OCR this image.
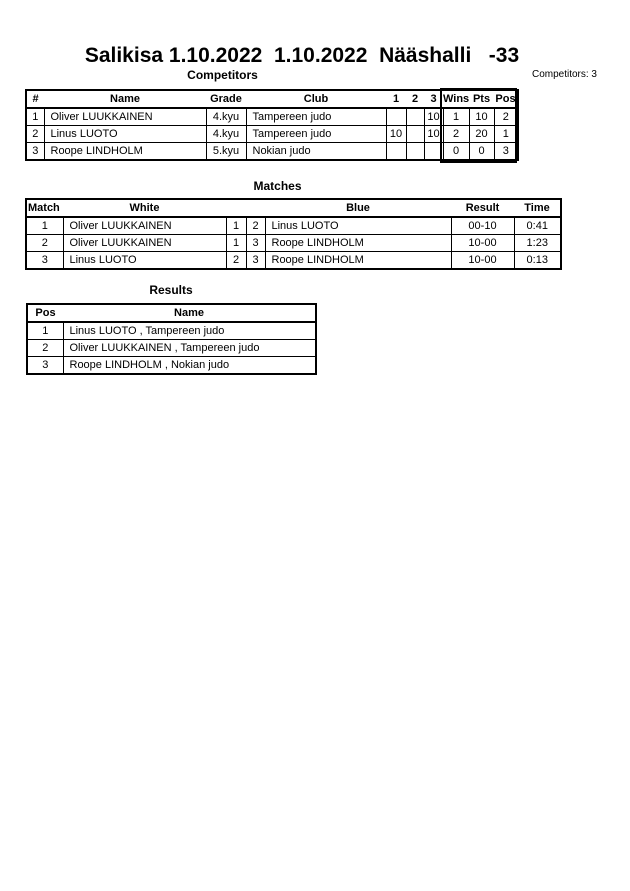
Salikisa 1.10.2022  1.10.2022  Nääshalli   -33
Competitors	Competitors: 3
#	Name	Grade	Club	1	2	3	Wins	Pts	Pos
1	Oliver LUUKKAINEN	4.kyu	Tampereen judo			10	1	10	2
2	Linus LUOTO	4.kyu	Tampereen judo	10		10	2	20	1
3	Roope LINDHOLM	5.kyu	Nokian judo				0	0	3
Matches
Match	White			Blue	Result	Time
1	Oliver LUUKKAINEN	1	2	Linus LUOTO	00-10	0:41
2	Oliver LUUKKAINEN	1	3	Roope LINDHOLM	10-00	1:23
3	Linus LUOTO	2	3	Roope LINDHOLM	10-00	0:13
Results
Pos	Name
1	Linus LUOTO , Tampereen judo
2	Oliver LUUKKAINEN , Tampereen judo
3	Roope LINDHOLM , Nokian judo
